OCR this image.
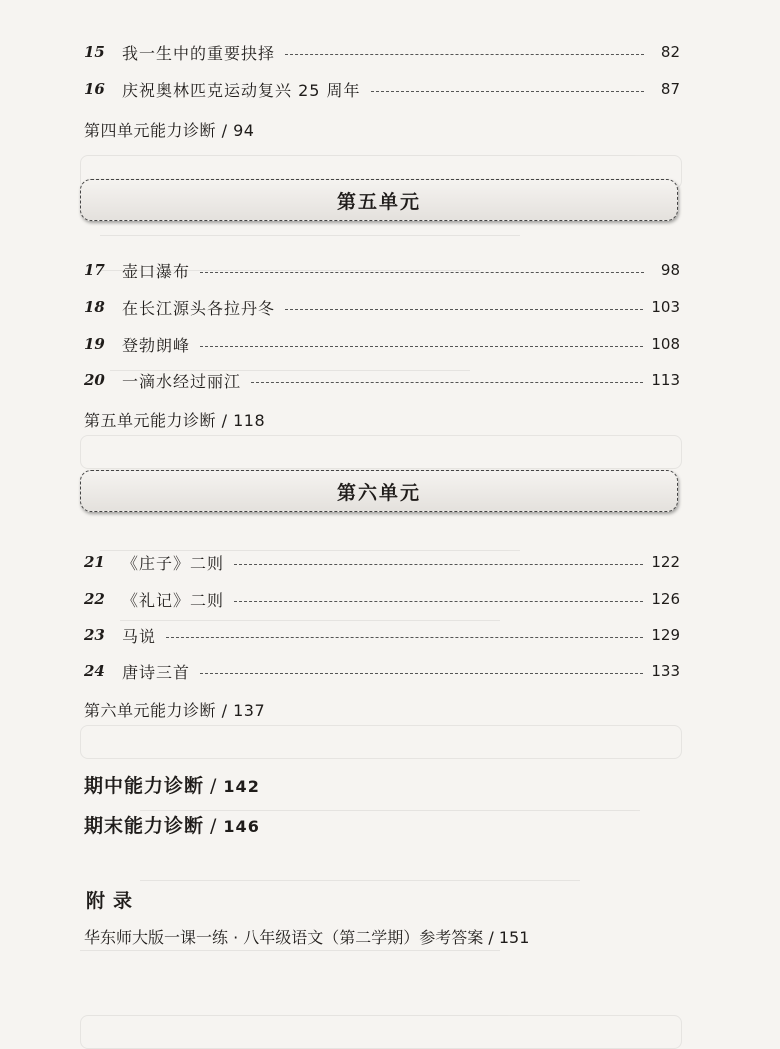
15	我一生中的重要抉择	82
16	庆祝奥林匹克运动复兴 25 周年	87
第四单元能力诊断 / 94
第五单元
17	壶口瀑布	98
18	在长江源头各拉丹冬	103
19	登勃朗峰	108
20	一滴水经过丽江	113
第五单元能力诊断 / 118
第六单元
21	《庄子》二则	122
22	《礼记》二则	126
23	马说	129
24	唐诗三首	133
第六单元能力诊断 / 137
期中能力诊断 / 142
期末能力诊断 / 146
附录
华东师大版一课一练 · 八年级语文（第二学期）参考答案 / 151
